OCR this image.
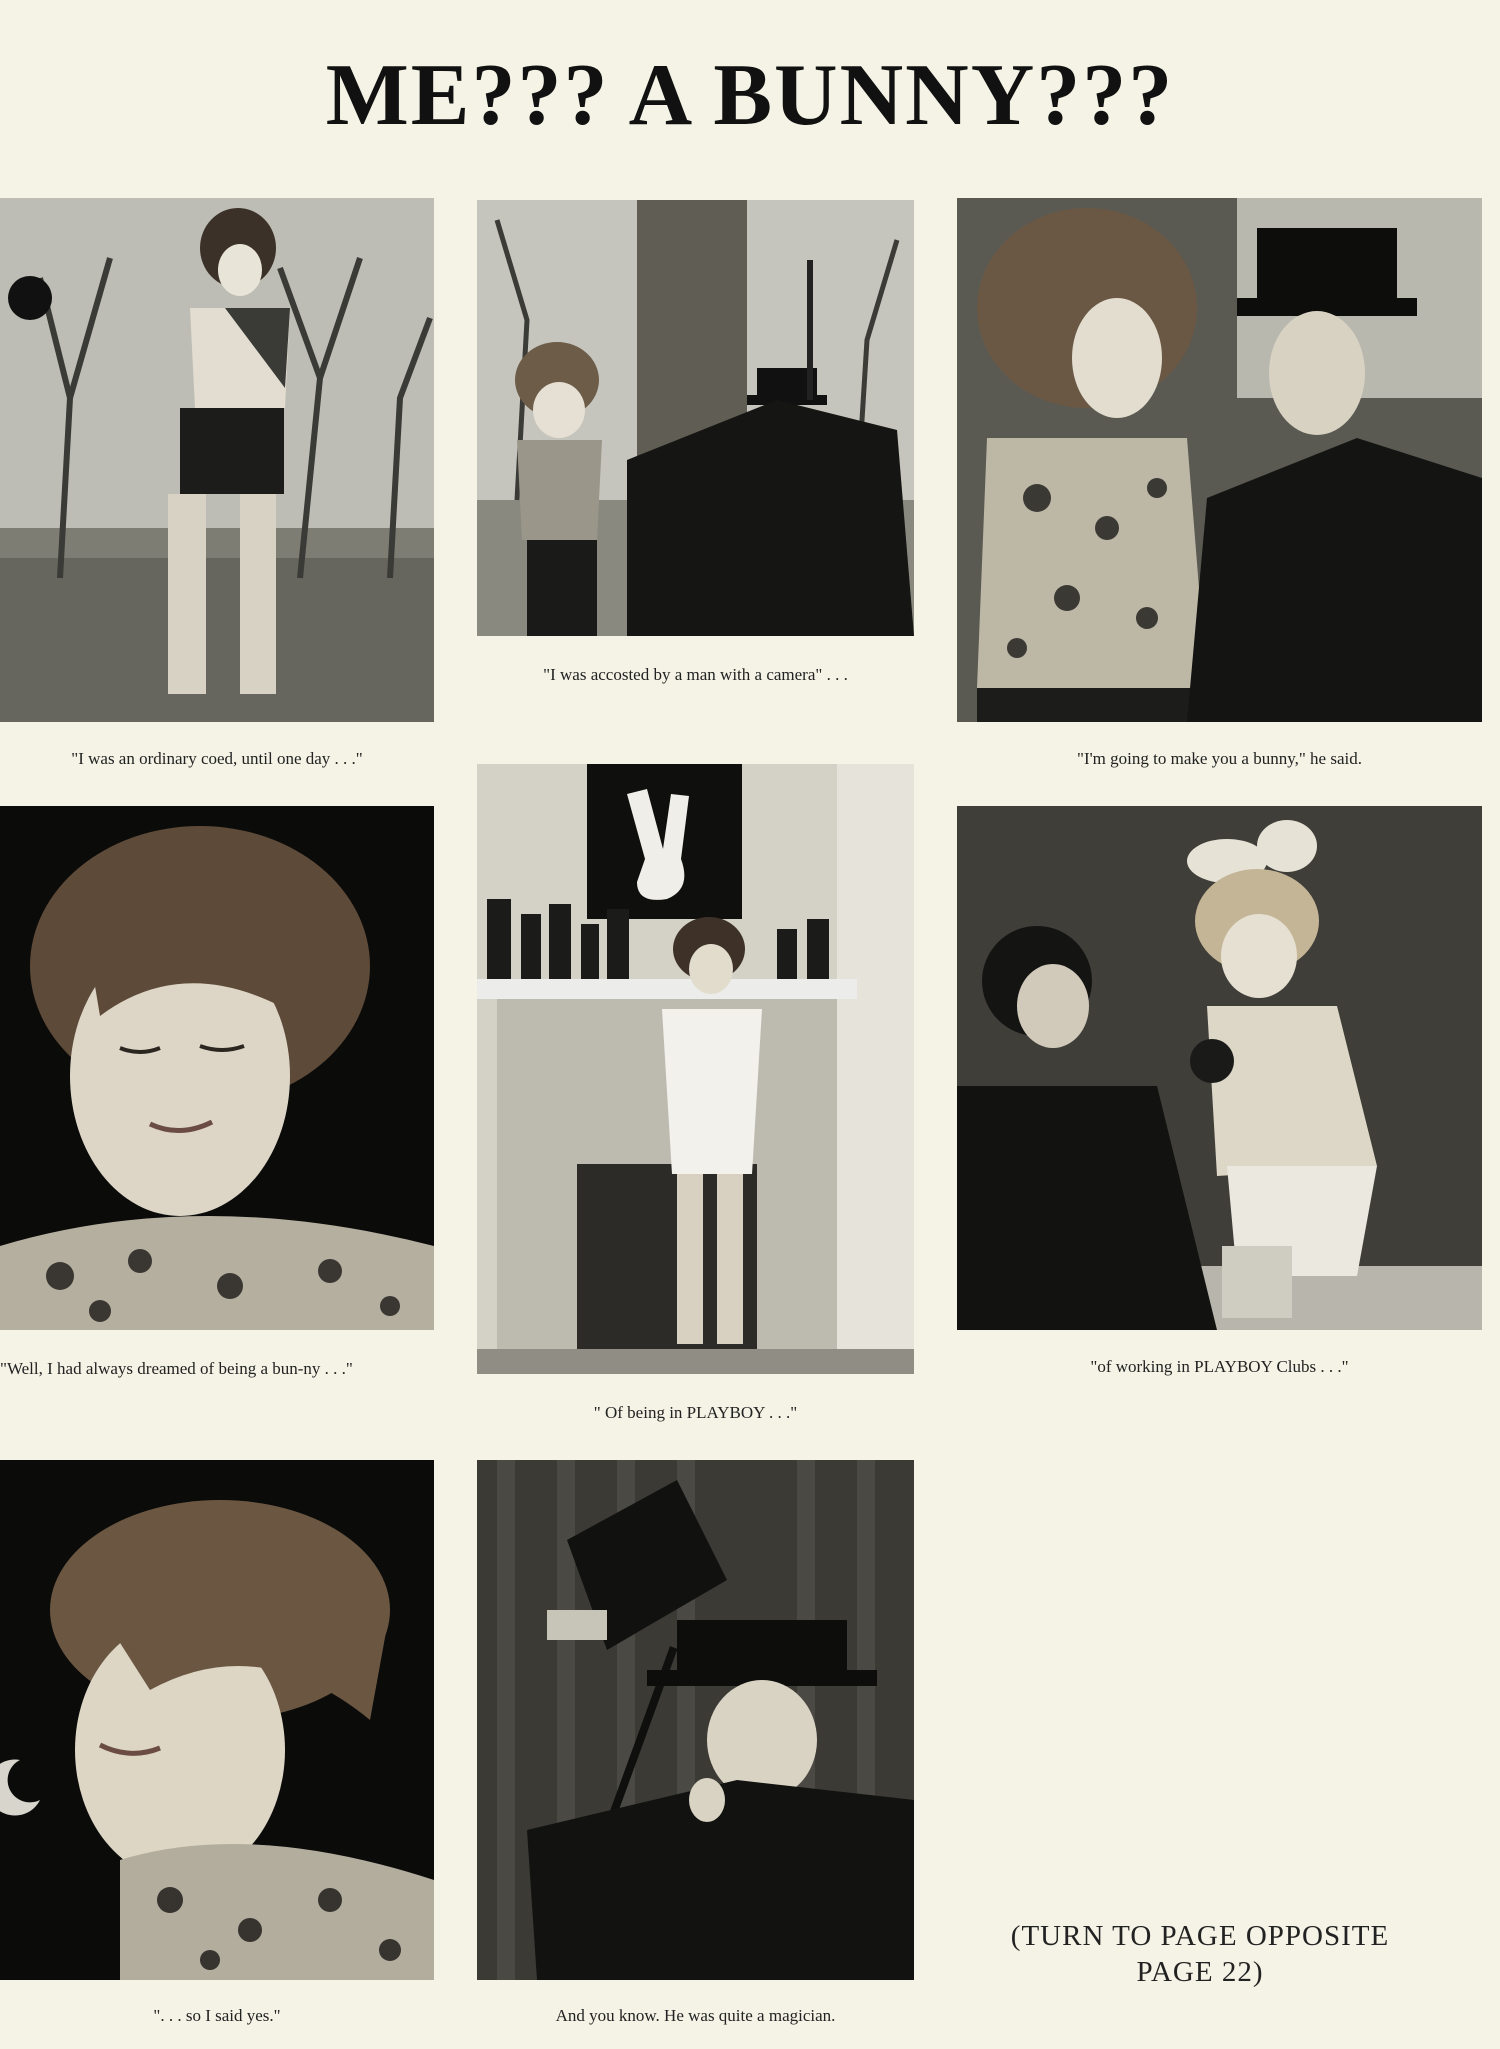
ME??? A BUNNY???
"I was an ordinary coed, until one day . . ."
"I was accosted by a man with a camera" . . .
"I'm going to make you a bunny," he said.
"Well, I had always dreamed of being a bun-ny . . ."
" Of being in PLAYBOY . . ."
"of working in PLAYBOY Clubs . . ."
". . . so I said yes."	And you know. He was quite a magician.
(TURN TO PAGE OPPOSITE
PAGE 22)
